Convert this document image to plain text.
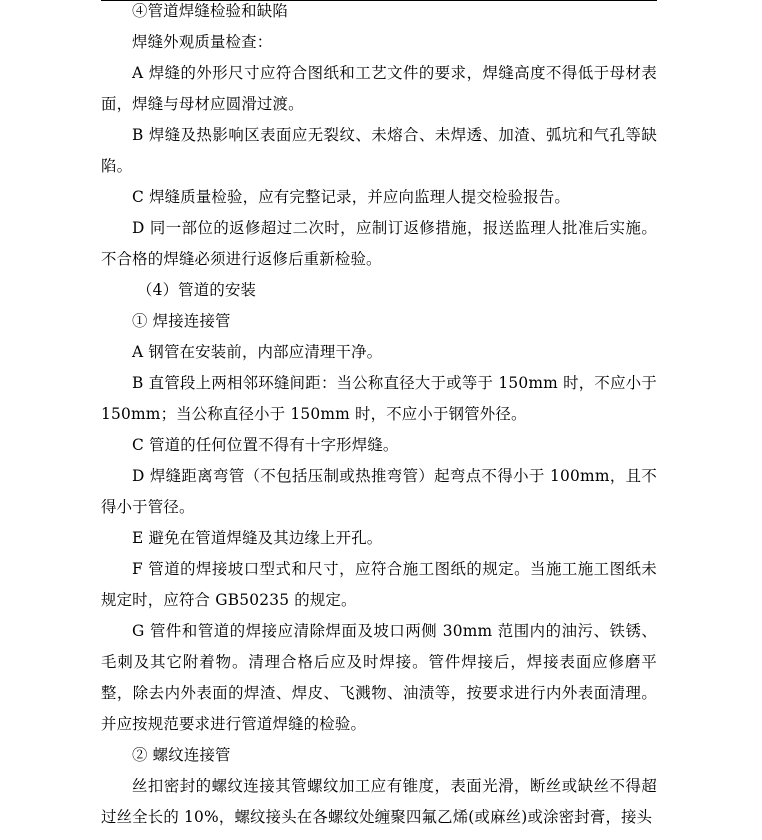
④管道焊缝检验和缺陷

焊缝外观质量检查：

A 焊缝的外形尺寸应符合图纸和工艺文件的要求，焊缝高度不得低于母材表面，焊缝与母材应圆滑过渡。

B 焊缝及热影响区表面应无裂纹、未熔合、未焊透、加渣、弧坑和气孔等缺陷。

C 焊缝质量检验，应有完整记录，并应向监理人提交检验报告。

D 同一部位的返修超过二次时，应制订返修措施，报送监理人批准后实施。不合格的焊缝必须进行返修后重新检验。

（4）管道的安装

① 焊接连接管

A 钢管在安装前，内部应清理干净。

B 直管段上两相邻环缝间距：当公称直径大于或等于 150mm 时，不应小于 150mm；当公称直径小于 150mm 时，不应小于钢管外径。

C 管道的任何位置不得有十字形焊缝。

D 焊缝距离弯管（不包括压制或热推弯管）起弯点不得小于 100mm，且不得小于管径。

E 避免在管道焊缝及其边缘上开孔。

F 管道的焊接坡口型式和尺寸，应符合施工图纸的规定。当施工施工图纸未规定时，应符合 GB50235 的规定。

G 管件和管道的焊接应清除焊面及坡口两侧 30mm 范围内的油污、铁锈、毛刺及其它附着物。清理合格后应及时焊接。管件焊接后，焊接表面应修磨平整，除去内外表面的焊渣、焊皮、飞溅物、油渍等，按要求进行内外表面清理。并应按规范要求进行管道焊缝的检验。

② 螺纹连接管

丝扣密封的螺纹连接其管螺纹加工应有锥度，表面光滑，断丝或缺丝不得超过丝全长的 10%，螺纹接头在各螺纹处缠聚四氟乙烯(或麻丝)或涂密封膏，接头
